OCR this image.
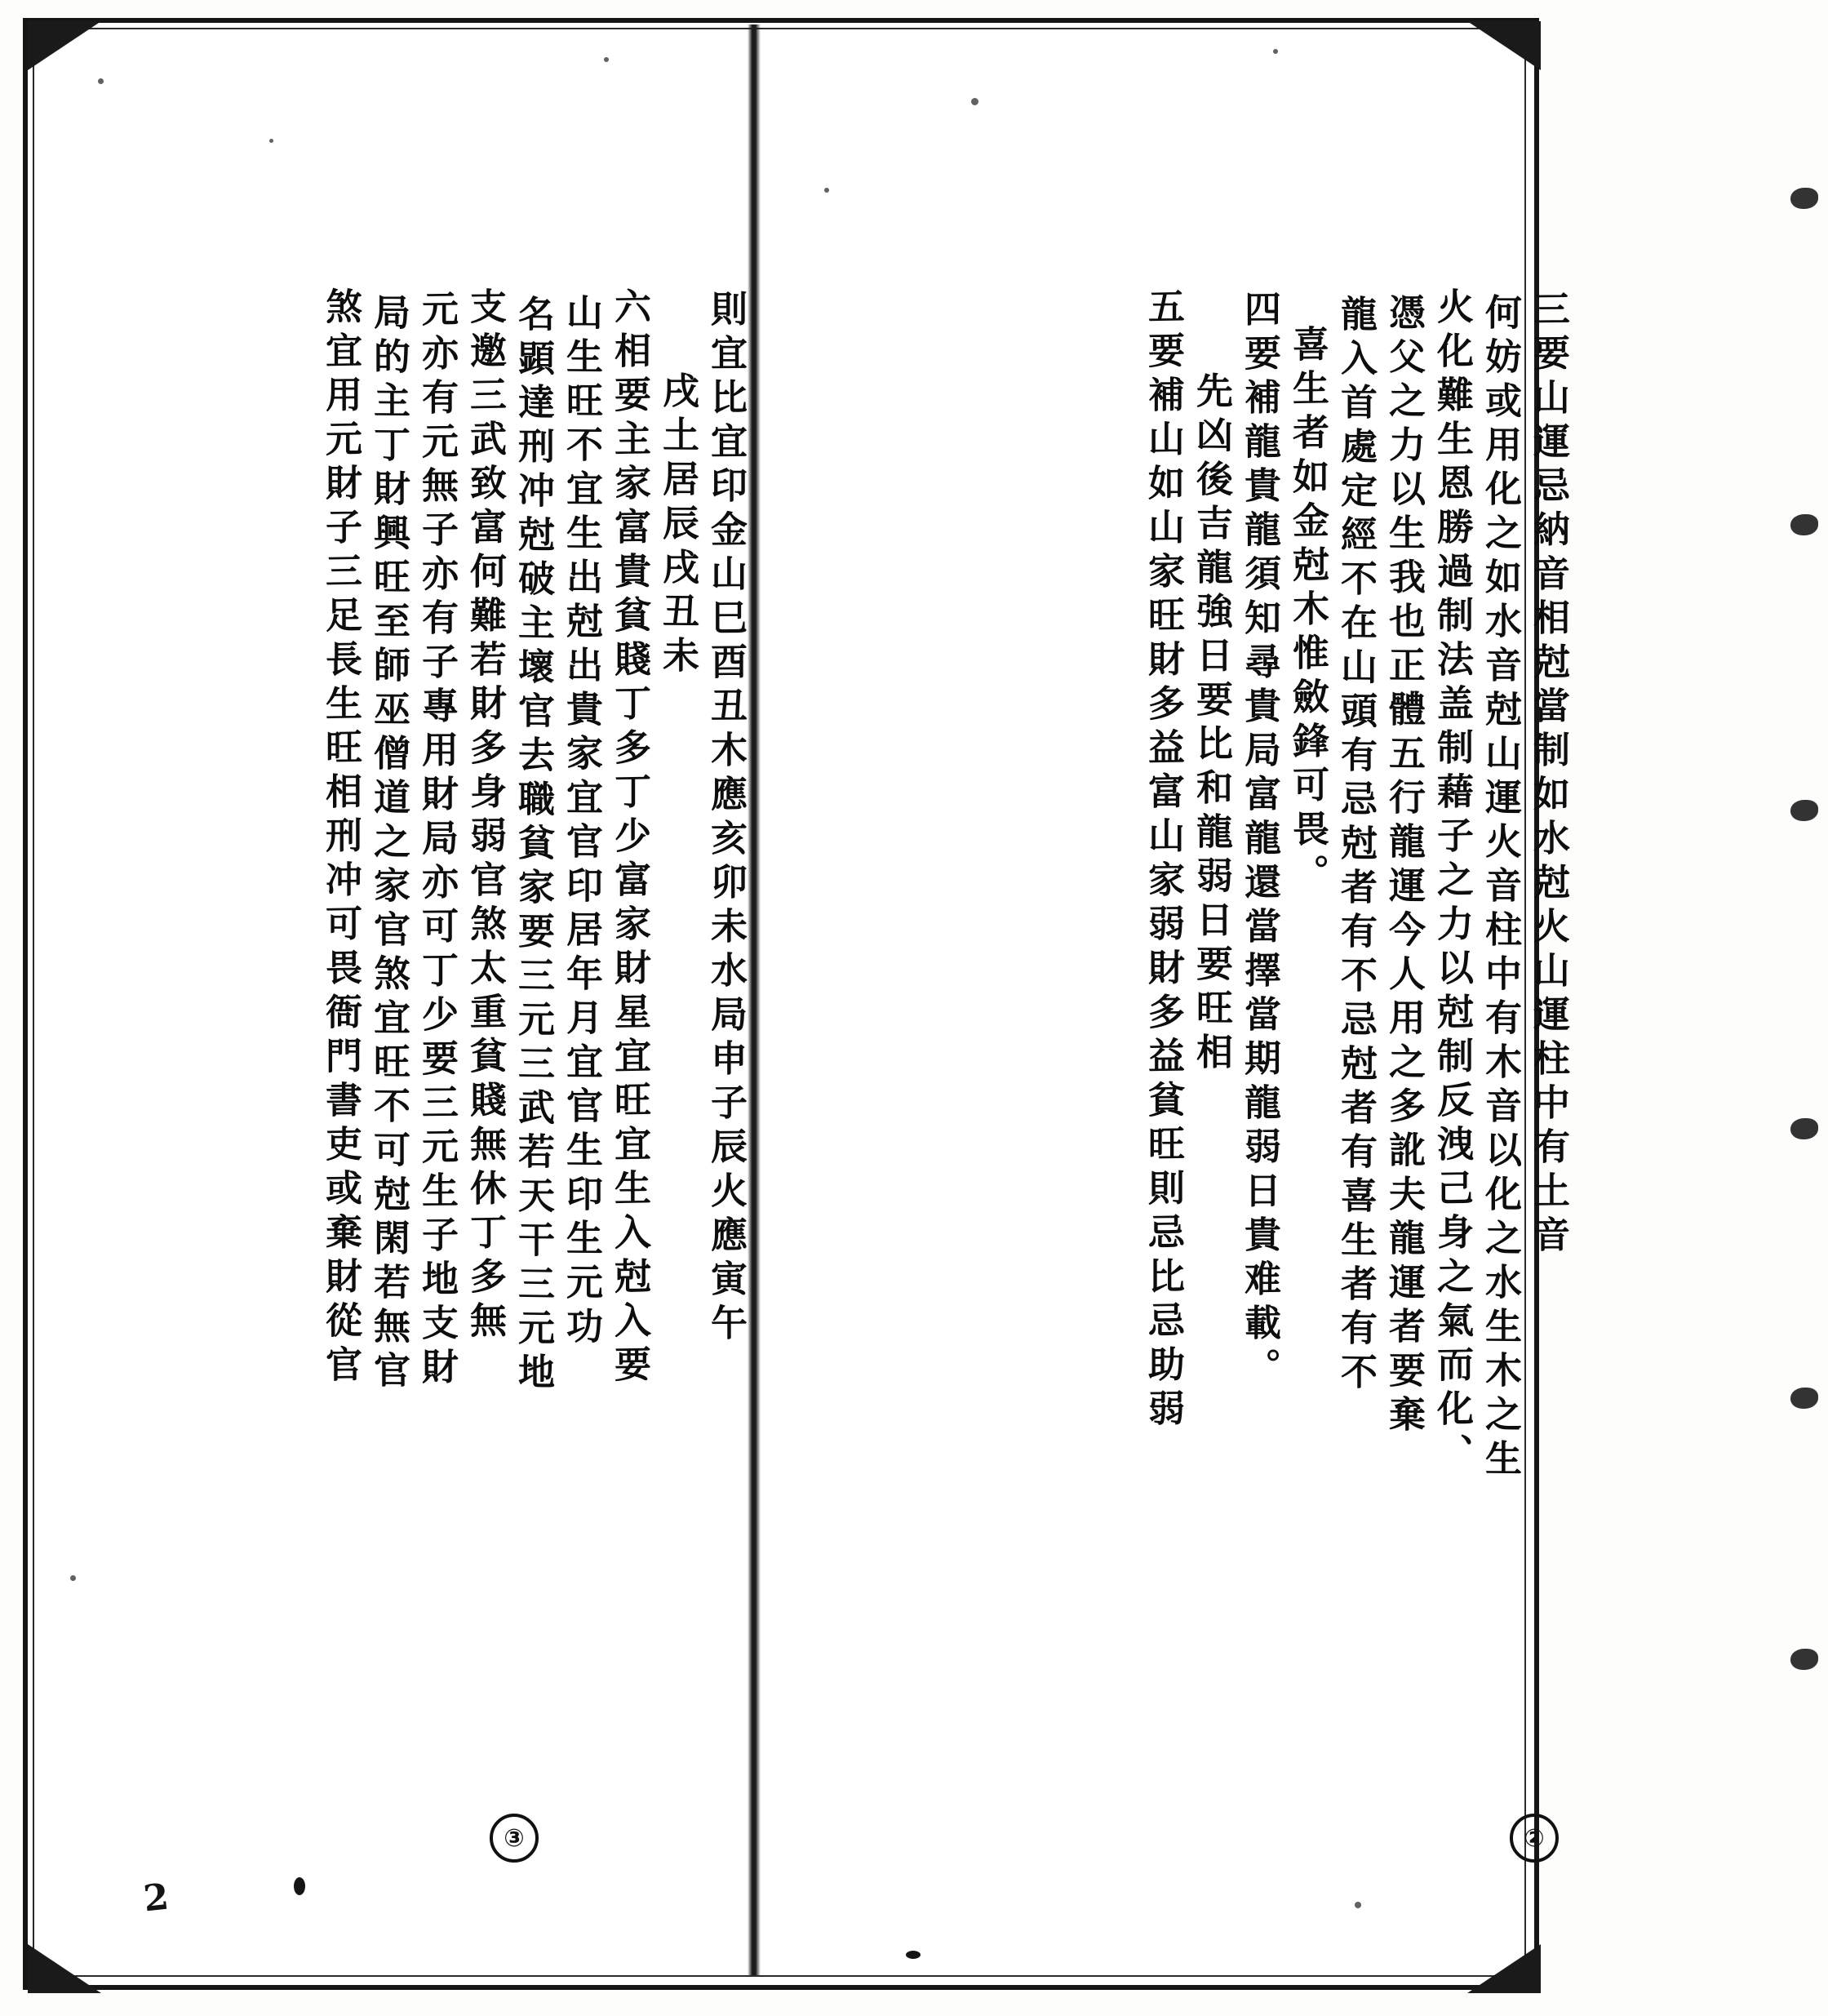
三要山運忌納音相尅當制如水尅火山運柱中有土音
何妨或用化之如水音尅山運火音柱中有木音以化之水生木之生
火化難生恩勝過制法盖制藉子之力以尅制反洩己身之氣而化、
憑父之力以生我也正體五行龍運今人用之多訛夫龍運者要棄
龍入首處定經不在山頭有忌尅者有不忌尅者有喜生者有不
喜生者如金尅木惟斂鋒可畏。
四要補龍貴龍須知尋貴局富龍還當擇當期龍弱日貴难載。
先凶後吉龍強日要比和龍弱日要旺相
五要補山如山家旺財多益富山家弱財多益貧旺則忌比忌助弱
則宜比宜印金山巳酉丑木應亥卯未水局申子辰火應寅午
戌土居辰戌丑未
六相要主家富貴貧賤丁多丁少富家財星宜旺宜生入尅入要
山生旺不宜生出尅出貴家宜官印居年月宜官生印生元功
名顕達刑冲尅破主壞官去職貧家要三元三武若天干三元地
支邀三武致富何難若財多身弱官煞太重貧賤無休丁多無
元亦有元無子亦有子專用財局亦可丁少要三元生子地支財
局的主丁財興旺至師巫僧道之家官煞宜旺不可尅閑若無官
煞宜用元財子三足長生旺相刑冲可畏衙門書吏或棄財從官
②
③
2
